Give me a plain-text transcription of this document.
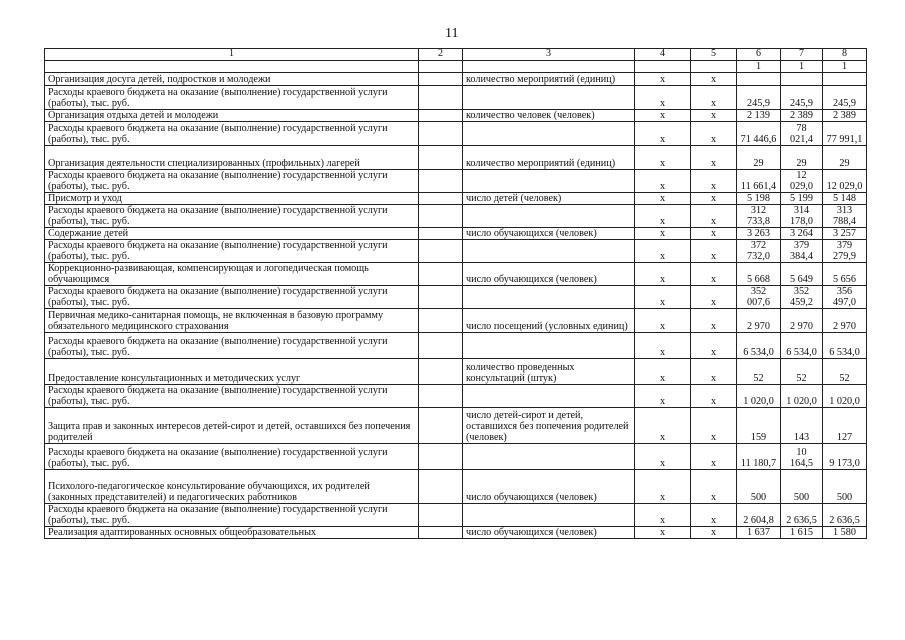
11
1	2	3	4	5	6	7	8
					1	1	1
Организация досуга детей, подростков и молодежи		количество мероприятий (единиц)	х	х			
Расходы краевого бюджета на оказание (выполнение) государственной услуги (работы), тыс. руб.			х	х	245,9	245,9	245,9
Организация отдыха детей и молодежи		количество человек (человек)	х	х	2 139	2 389	2 389
Расходы краевого бюджета на оказание (выполнение) государственной услуги (работы), тыс. руб.			х	х	71 446,6	78 021,4	77 991,1
Организация деятельности специализированных (профильных) лагерей		количество мероприятий (единиц)	х	х	29	29	29
Расходы краевого бюджета на оказание (выполнение) государственной услуги (работы), тыс. руб.			х	х	11 661,4	12 029,0	12 029,0
Присмотр и уход		число детей (человек)	х	х	5 198	5 199	5 148
Расходы краевого бюджета на оказание (выполнение) государственной услуги (работы), тыс. руб.			х	х	312 733,8	314 178,0	313 788,4
Содержание детей		число обучающихся (человек)	х	х	3 263	3 264	3 257
Расходы краевого бюджета на оказание (выполнение) государственной услуги (работы), тыс. руб.			х	х	372 732,0	379 384,4	379 279,9
Коррекционно-развивающая, компенсирующая и логопедическая помощь обучающимся		число обучающихся (человек)	х	х	5 668	5 649	5 656
Расходы краевого бюджета на оказание (выполнение) государственной услуги (работы), тыс. руб.			х	х	352 007,6	352 459,2	356 497,0
Первичная медико-санитарная помощь, не включенная в базовую программу обязательного медицинского страхования		число посещений (условных единиц)	х	х	2 970	2 970	2 970
Расходы краевого бюджета на оказание (выполнение) государственной услуги (работы), тыс. руб.			х	х	6 534,0	6 534,0	6 534,0
Предоставление консультационных и методических услуг		количество проведенных консультаций (штук)	х	х	52	52	52
Расходы краевого бюджета на оказание (выполнение) государственной услуги (работы), тыс. руб.			х	х	1 020,0	1 020,0	1 020,0
Защита прав и законных интересов детей-сирот и детей, оставшихся без попечения родителей		число детей-сирот и детей, оставшихся без попечения родителей (человек)	х	х	159	143	127
Расходы краевого бюджета на оказание (выполнение) государственной услуги (работы), тыс. руб.			х	х	11 180,7	10 164,5	9 173,0
Психолого-педагогическое консультирование обучающихся, их родителей (законных представителей) и педагогических работников		число обучающихся (человек)	х	х	500	500	500
Расходы краевого бюджета на оказание (выполнение) государственной услуги (работы), тыс. руб.			х	х	2 604,8	2 636,5	2 636,5
Реализация адаптированных основных общеобразовательных		число обучающихся (человек)	х	х	1 637	1 615	1 580
